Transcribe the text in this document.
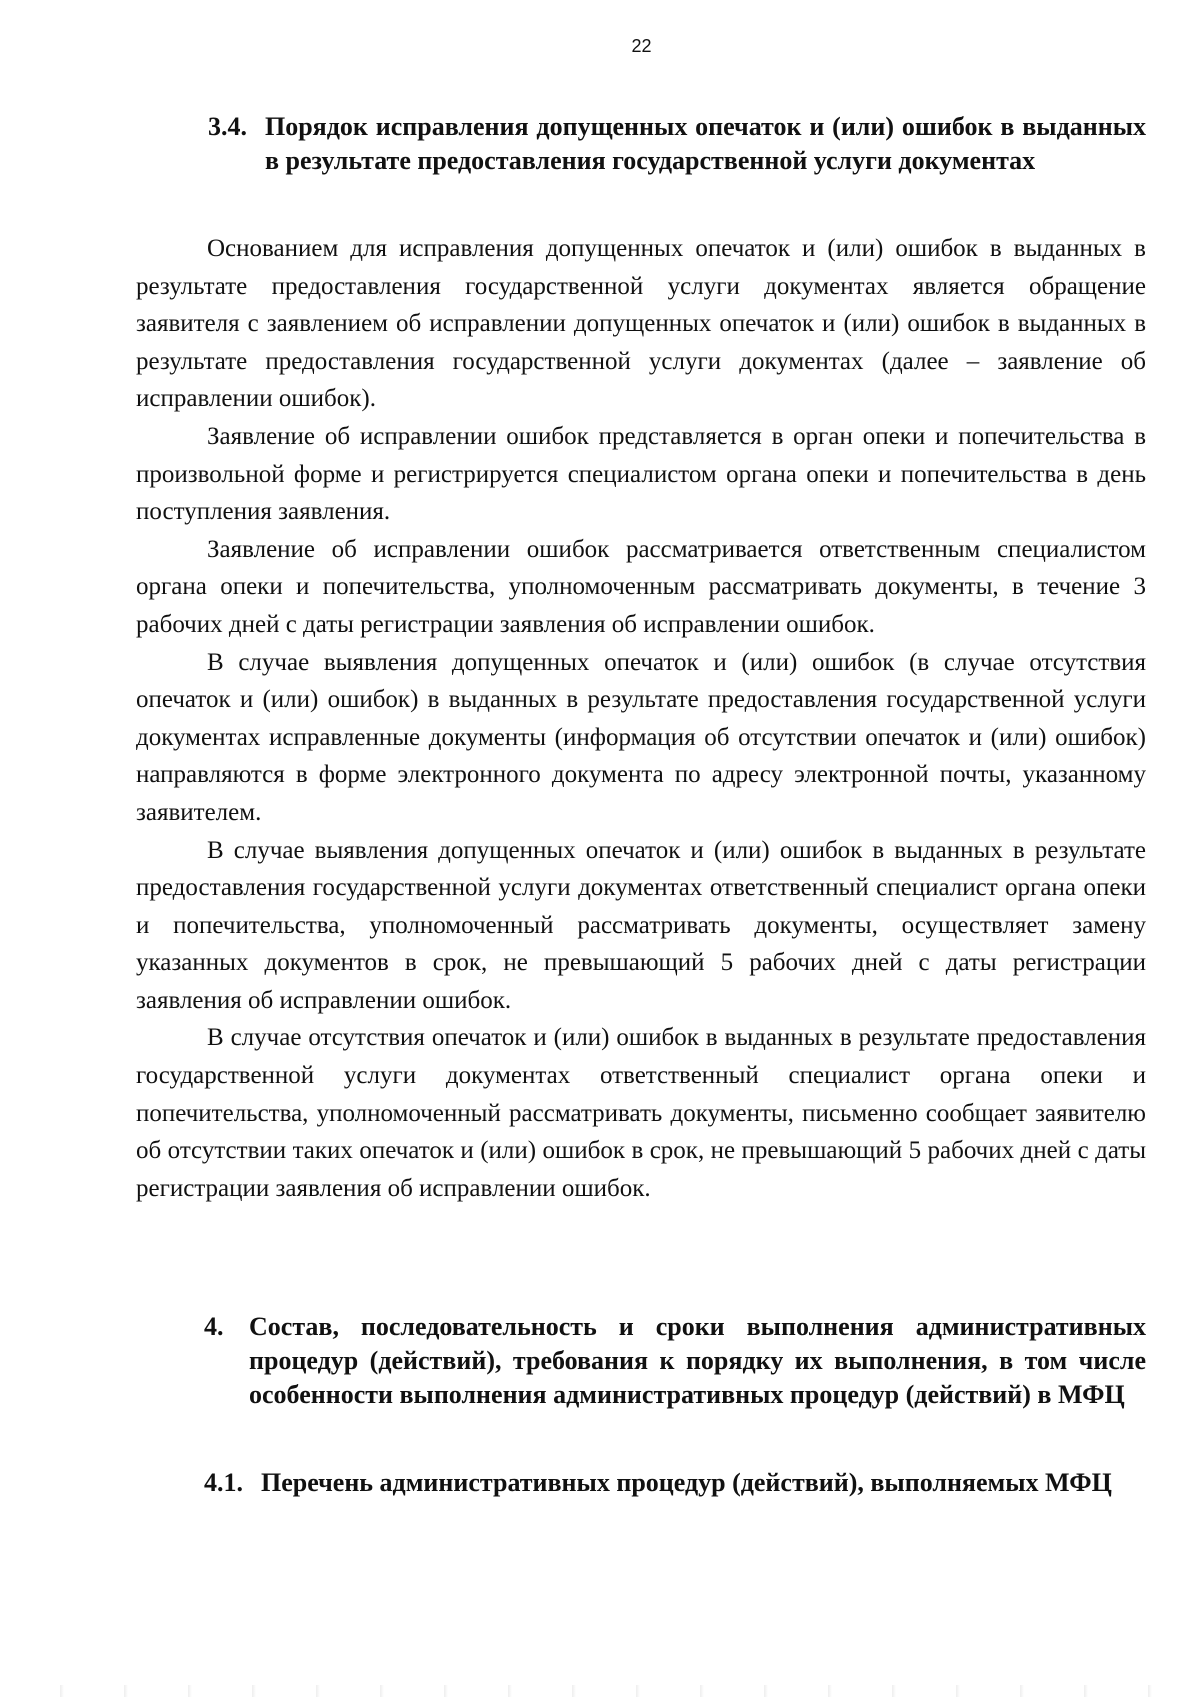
22
3.4. Порядок исправления допущенных опечаток и (или) ошибок в выданных в результате предоставления государственной услуги документах

Основанием для исправления допущенных опечаток и (или) ошибок в выданных в результате предоставления государственной услуги документах является обращение заявителя с заявлением об исправлении допущенных опечаток и (или) ошибок в выданных в результате предоставления государственной услуги документах (далее – заявление об исправлении ошибок).

Заявление об исправлении ошибок представляется в орган опеки и попечительства в произвольной форме и регистрируется специалистом органа опеки и попечительства в день поступления заявления.

Заявление об исправлении ошибок рассматривается ответственным специалистом органа опеки и попечительства, уполномоченным рассматривать документы, в течение 3 рабочих дней с даты регистрации заявления об исправлении ошибок.

В случае выявления допущенных опечаток и (или) ошибок (в случае отсутствия опечаток и (или) ошибок) в выданных в результате предоставления государственной услуги документах исправленные документы (информация об отсутствии опечаток и (или) ошибок) направляются в форме электронного документа по адресу электронной почты, указанному заявителем.

В случае выявления допущенных опечаток и (или) ошибок в выданных в результате предоставления государственной услуги документах ответственный специалист органа опеки и попечительства, уполномоченный рассматривать документы, осуществляет замену указанных документов в срок, не превышающий 5 рабочих дней с даты регистрации заявления об исправлении ошибок.

В случае отсутствия опечаток и (или) ошибок в выданных в результате предоставления государственной услуги документах ответственный специалист органа опеки и попечительства, уполномоченный рассматривать документы, письменно сообщает заявителю об отсутствии таких опечаток и (или) ошибок в срок, не превышающий 5 рабочих дней с даты регистрации заявления об исправлении ошибок.

4. Состав, последовательность и сроки выполнения административных процедур (действий), требования к порядку их выполнения, в том числе особенности выполнения административных процедур (действий) в МФЦ
4.1. Перечень административных процедур (действий), выполняемых МФЦ
